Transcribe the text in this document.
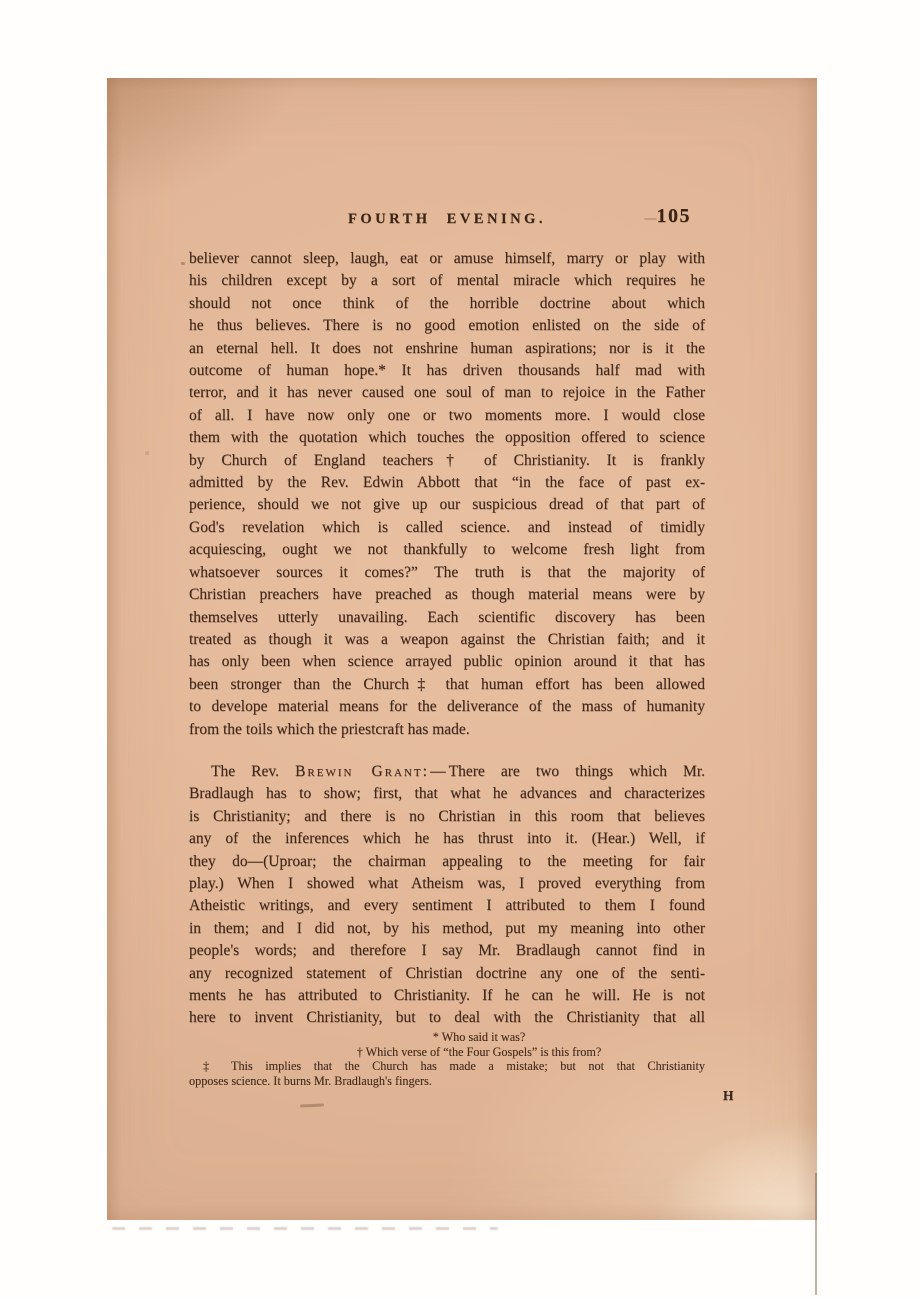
FOURTH EVENING.	105
believer cannot sleep, laugh, eat or amuse himself, marry or play with
his children except by a sort of mental miracle which requires he
should not once think of the horrible doctrine about which
he thus believes. There is no good emotion enlisted on the side of
an eternal hell. It does not enshrine human aspirations; nor is it the
outcome of human hope.* It has driven thousands half mad with
terror, and it has never caused one soul of man to rejoice in the Father
of all. I have now only one or two moments more. I would close
them with the quotation which touches the opposition offered to science
by Church of England teachers† of Christianity. It is frankly
admitted by the Rev. Edwin Abbott that “in the face of past ex-
perience, should we not give up our suspicious dread of that part of
God's revelation which is called science. and instead of timidly
acquiescing, ought we not thankfully to welcome fresh light from
whatsoever sources it comes?” The truth is that the majority of
Christian preachers have preached as though material means were by
themselves utterly unavailing. Each scientific discovery has been
treated as though it was a weapon against the Christian faith; and it
has only been when science arrayed public opinion around it that has
been stronger than the Church‡ that human effort has been allowed
to develope material means for the deliverance of the mass of humanity
from the toils which the priestcraft has made.
The Rev. Brewin Grant: — There are two things which Mr.
Bradlaugh has to show; first, that what he advances and characterizes
is Christianity; and there is no Christian in this room that believes
any of the inferences which he has thrust into it. (Hear.) Well, if
they do—(Uproar; the chairman appealing to the meeting for fair
play.) When I showed what Atheism was, I proved everything from
Atheistic writings, and every sentiment I attributed to them I found
in them; and I did not, by his method, put my meaning into other
people's words; and therefore I say Mr. Bradlaugh cannot find in
any recognized statement of Christian doctrine any one of the senti-
ments he has attributed to Christianity. If he can he will. He is not
here to invent Christianity, but to deal with the Christianity that all
* Who said it was?
† Which verse of “the Four Gospels” is this from?
‡ This implies that the Church has made a mistake; but not that Christianity
opposes science. It burns Mr. Bradlaugh's fingers.
H
